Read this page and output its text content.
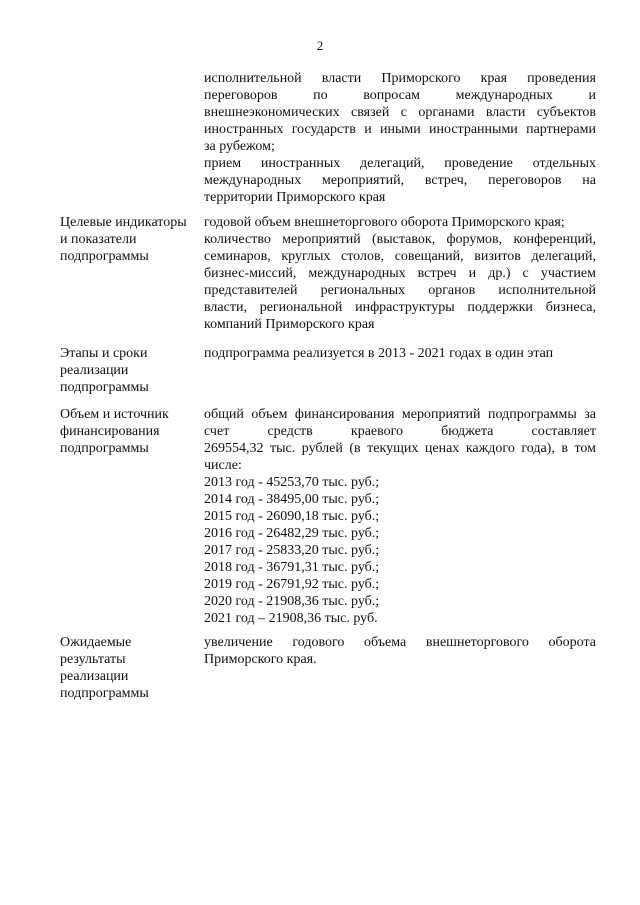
2
исполнительной власти Приморского края проведения
переговоров по вопросам международных и
внешнеэкономических связей с органами власти субъектов
иностранных государств и иными иностранными партнерами
за рубежом;
прием иностранных делегаций, проведение отдельных
международных мероприятий, встреч, переговоров на
территории Приморского края
Целевые индикаторы
и показатели
подпрограммы
годовой объем внешнеторгового оборота Приморского края;
количество мероприятий (выставок, форумов, конференций,
семинаров, круглых столов, совещаний, визитов делегаций,
бизнес-миссий, международных встреч и др.) с участием
представителей региональных органов исполнительной
власти, региональной инфраструктуры поддержки бизнеса,
компаний Приморского края
Этапы и сроки
реализации
подпрограммы
подпрограмма реализуется в 2013 - 2021 годах в один этап
Объем и источник
финансирования
подпрограммы
общий объем финансирования мероприятий подпрограммы за
счет средств краевого бюджета составляет
269554,32 тыс. рублей (в текущих ценах каждого года), в том
числе:
2013 год - 45253,70 тыс. руб.;
2014 год - 38495,00 тыс. руб.;
2015 год - 26090,18 тыс. руб.;
2016 год - 26482,29 тыс. руб.;
2017 год - 25833,20 тыс. руб.;
2018 год - 36791,31 тыс. руб.;
2019 год - 26791,92 тыс. руб.;
2020 год - 21908,36 тыс. руб.;
2021 год – 21908,36 тыс. руб.
Ожидаемые
результаты
реализации
подпрограммы
увеличение годового объема внешнеторгового оборота
Приморского края.
